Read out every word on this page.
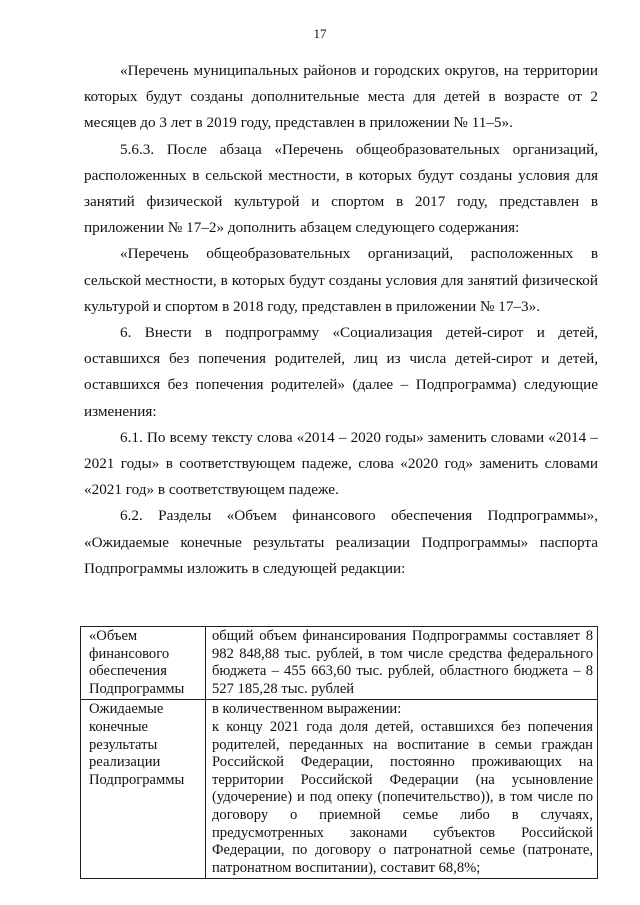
17

«Перечень муниципальных районов и городских округов, на территории которых будут созданы дополнительные места для детей в возрасте от 2 месяцев до 3 лет в 2019 году, представлен в приложении № 11–5».

5.6.3. После абзаца «Перечень общеобразовательных организаций, расположенных в сельской местности, в которых будут созданы условия для занятий физической культурой и спортом в 2017 году, представлен в приложении № 17–2» дополнить абзацем следующего содержания:

«Перечень общеобразовательных организаций, расположенных в сельской местности, в которых будут созданы условия для занятий физической культурой и спортом в 2018 году, представлен в приложении № 17–3».

6. Внести в подпрограмму «Социализация детей-сирот и детей, оставшихся без попечения родителей, лиц из числа детей-сирот и детей, оставшихся без попечения родителей» (далее – Подпрограмма) следующие изменения:

6.1. По всему тексту слова «2014 – 2020 годы» заменить словами «2014 – 2021 годы» в соответствующем падеже, слова «2020 год» заменить словами «2021 год» в соответствующем падеже.

6.2. Разделы «Объем финансового обеспечения Подпрограммы», «Ожидаемые конечные результаты реализации Подпрограммы» паспорта Подпрограммы изложить в следующей редакции:

«Объем финансового обеспечения Подпрограммы	общий объем финансирования Подпрограммы составляет 8 982 848,88 тыс. рублей, в том числе средства федерального бюджета – 455 663,60 тыс. рублей, областного бюджета – 8 527 185,28 тыс. рублей
Ожидаемые конечные результаты реализации Подпрограммы	в количественном выражении:
к концу 2021 года доля детей, оставшихся без попечения родителей, переданных на воспитание в семьи граждан Российской Федерации, постоянно проживающих на территории Российской Федерации (на усыновление (удочерение) и под опеку (попечительство)), в том числе по договору о приемной семье либо в случаях, предусмотренных законами субъектов Российской Федерации, по договору о патронатной семье (патронате, патронатном воспитании), составит 68,8%;
